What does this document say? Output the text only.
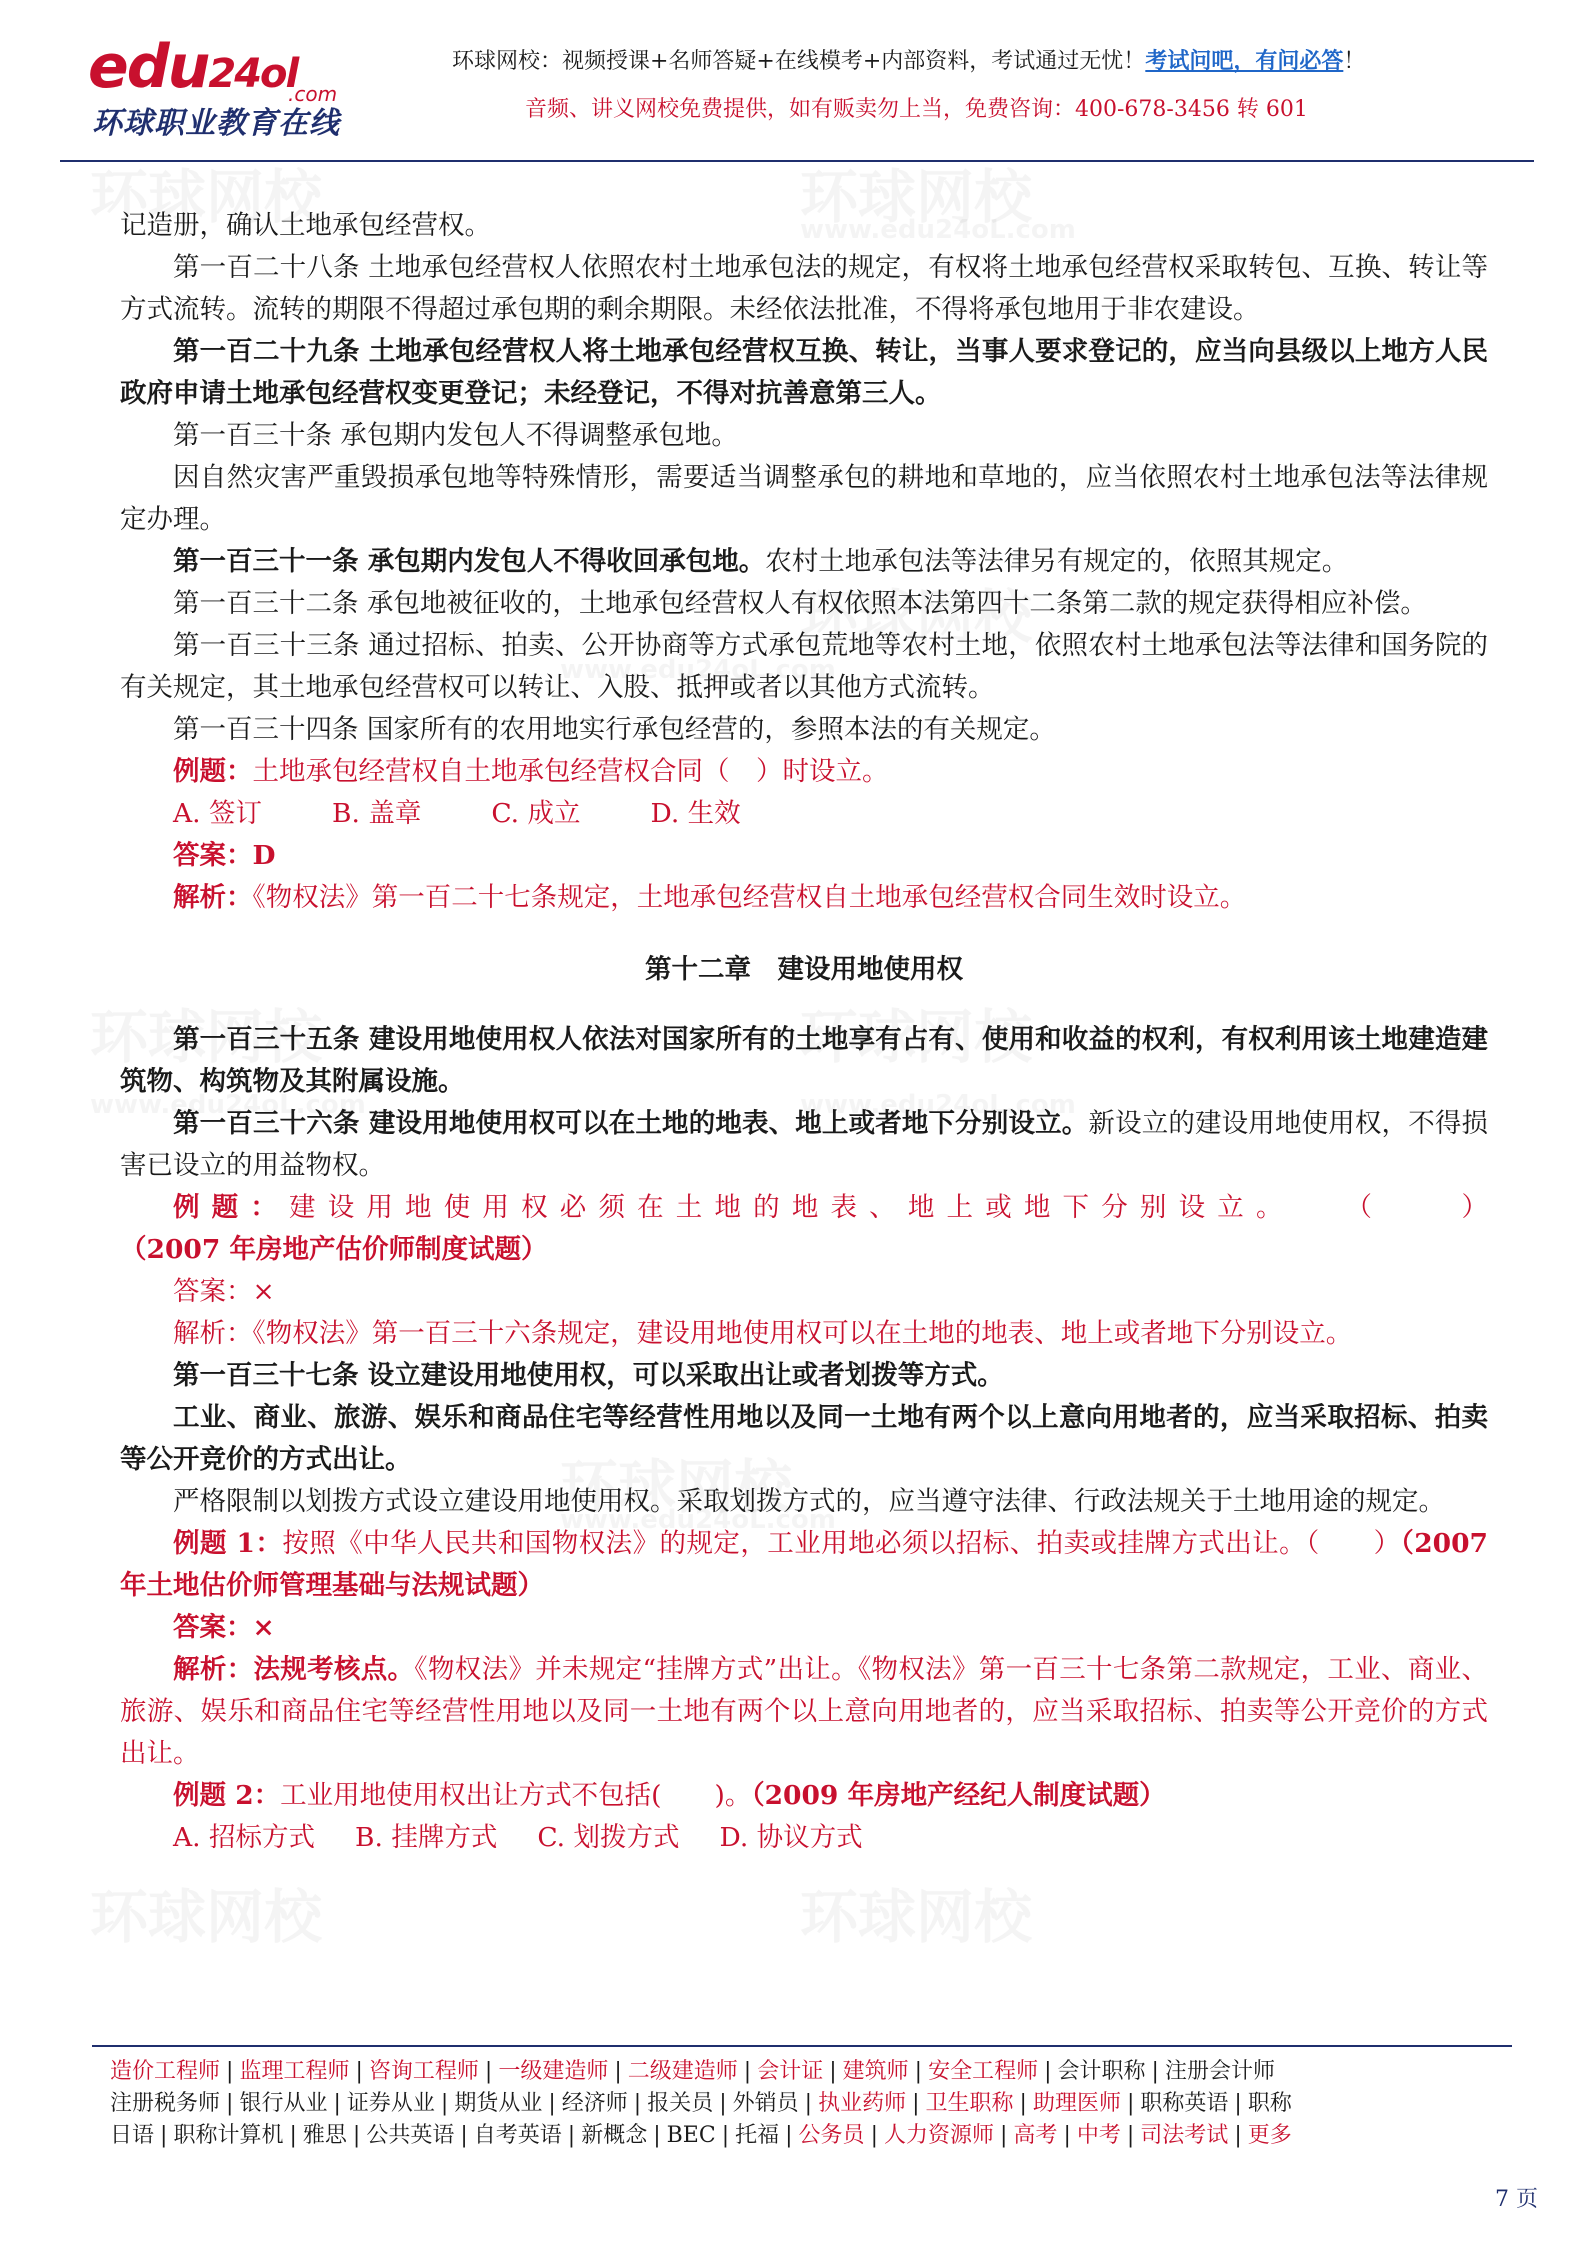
edu24ol
.com
环球职业教育在线
环球网校：视频授课+名师答疑+在线模考+内部资料，考试通过无忧！考试问吧，有问必答！
音频、讲义网校免费提供，如有贩卖勿上当，免费咨询：400-678-3456 转 601

记造册，确认土地承包经营权。

第一百二十八条 土地承包经营权人依照农村土地承包法的规定，有权将土地承包经营权采取转包、互换、转让等方式流转。流转的期限不得超过承包期的剩余期限。未经依法批准，不得将承包地用于非农建设。

第一百二十九条 土地承包经营权人将土地承包经营权互换、转让，当事人要求登记的，应当向县级以上地方人民政府申请土地承包经营权变更登记；未经登记，不得对抗善意第三人。

第一百三十条 承包期内发包人不得调整承包地。

因自然灾害严重毁损承包地等特殊情形，需要适当调整承包的耕地和草地的，应当依照农村土地承包法等法律规定办理。

第一百三十一条 承包期内发包人不得收回承包地。农村土地承包法等法律另有规定的，依照其规定。

第一百三十二条 承包地被征收的，土地承包经营权人有权依照本法第四十二条第二款的规定获得相应补偿。

第一百三十三条 通过招标、拍卖、公开协商等方式承包荒地等农村土地，依照农村土地承包法等法律和国务院的有关规定，其土地承包经营权可以转让、入股、抵押或者以其他方式流转。

第一百三十四条 国家所有的农用地实行承包经营的，参照本法的有关规定。

例题：土地承包经营权自土地承包经营权合同（　）时设立。

A. 签订	B. 盖章	C. 成立	D. 生效

答案：D

解析：《物权法》第一百二十七条规定，土地承包经营权自土地承包经营权合同生效时设立。

第十二章　建设用地使用权

第一百三十五条 建设用地使用权人依法对国家所有的土地享有占有、使用和收益的权利，有权利用该土地建造建筑物、构筑物及其附属设施。

第一百三十六条 建设用地使用权可以在土地的地表、地上或者地下分别设立。新设立的建设用地使用权，不得损害已设立的用益物权。

例题：建设用地使用权必须在土地的地表、地上或地下分别设立。　　（　　）（2007 年房地产估价师制度试题）

答案：×

解析：《物权法》第一百三十六条规定，建设用地使用权可以在土地的地表、地上或者地下分别设立。

第一百三十七条 设立建设用地使用权，可以采取出让或者划拨等方式。

工业、商业、旅游、娱乐和商品住宅等经营性用地以及同一土地有两个以上意向用地者的，应当采取招标、拍卖等公开竞价的方式出让。

严格限制以划拨方式设立建设用地使用权。采取划拨方式的，应当遵守法律、行政法规关于土地用途的规定。

例题 1：按照《中华人民共和国物权法》的规定，工业用地必须以招标、拍卖或挂牌方式出让。（　　）（2007 年土地估价师管理基础与法规试题）

答案：×

解析：法规考核点。《物权法》并未规定“挂牌方式”出让。《物权法》第一百三十七条第二款规定，工业、商业、旅游、娱乐和商品住宅等经营性用地以及同一土地有两个以上意向用地者的，应当采取招标、拍卖等公开竞价的方式出让。

例题 2：工业用地使用权出让方式不包括(　　)。（2009 年房地产经纪人制度试题）

A. 招标方式 B. 挂牌方式 C. 划拨方式 D. 协议方式

造价工程师 | 监理工程师 | 咨询工程师 | 一级建造师 | 二级建造师 | 会计证 | 建筑师 | 安全工程师 | 会计职称 | 注册会计师
注册税务师 | 银行从业 | 证券从业 | 期货从业 | 经济师 | 报关员 | 外销员 | 执业药师 | 卫生职称 | 助理医师 | 职称英语 | 职称
日语 | 职称计算机 | 雅思 | 公共英语 | 自考英语 | 新概念 | BEC | 托福 | 公务员 | 人力资源师 | 高考 | 中考 | 司法考试 | 更多
7 页
